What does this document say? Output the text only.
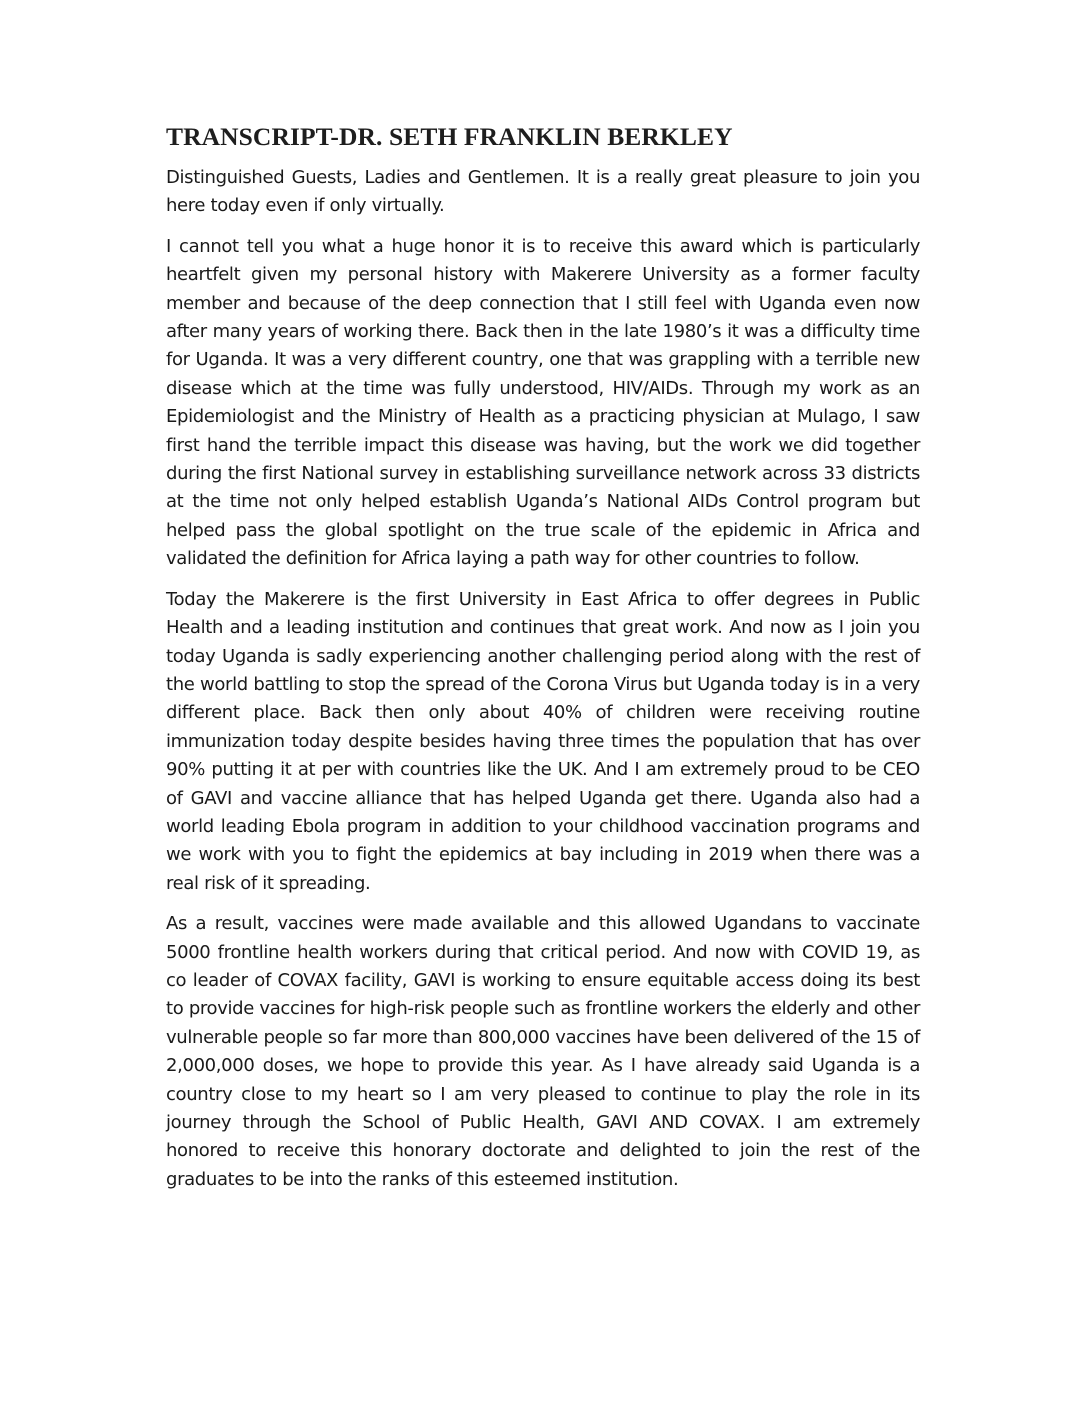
TRANSCRIPT-DR. SETH FRANKLIN BERKLEY

Distinguished Guests, Ladies and Gentlemen. It is a really great pleasure to join you here today even if only virtually.

I cannot tell you what a huge honor it is to receive this award which is particularly heartfelt given my personal history with Makerere University as a former faculty member and because of the deep connection that I still feel with Uganda even now after many years of working there. Back then in the late 1980’s it was a difficulty time for Uganda. It was a very different country, one that was grappling with a terrible new disease which at the time was fully understood, HIV/AIDs. Through my work as an Epidemiologist and the Ministry of Health as a practicing physician at Mulago, I saw first hand the terrible impact this disease was having, but the work we did together during the first National survey in establishing surveillance network across 33 districts at the time not only helped establish Uganda’s National AIDs Control program but helped pass the global spotlight on the true scale of the epidemic in Africa and validated the definition for Africa laying a path way for other countries to follow.

Today the Makerere is the first University in East Africa to offer degrees in Public Health and a leading institution and continues that great work. And now as I join you today Uganda is sadly experiencing another challenging period along with the rest of the world battling to stop the spread of the Corona Virus but Uganda today is in a very different place. Back then only about 40% of children were receiving routine immunization today despite besides having three times the population that has over 90% putting it at per with countries like the UK. And I am extremely proud to be CEO of GAVI and vaccine alliance that has helped Uganda get there. Uganda also had a world leading Ebola program in addition to your childhood vaccination programs and we work with you to fight the epidemics at bay including in 2019 when there was a real risk of it spreading.

As a result, vaccines were made available and this allowed Ugandans to vaccinate 5000 frontline health workers during that critical period. And now with COVID 19, as co leader of COVAX facility, GAVI is working to ensure equitable access doing its best to provide vaccines for high-risk people such as frontline workers the elderly and other vulnerable people so far more than 800,000 vaccines have been delivered of the 15 of 2,000,000 doses, we hope to provide this year. As I have already said Uganda is a country close to my heart so I am very pleased to continue to play the role in its journey through the School of Public Health, GAVI AND COVAX. I am extremely honored to receive this honorary doctorate and delighted to join the rest of the graduates to be into the ranks of this esteemed institution.
